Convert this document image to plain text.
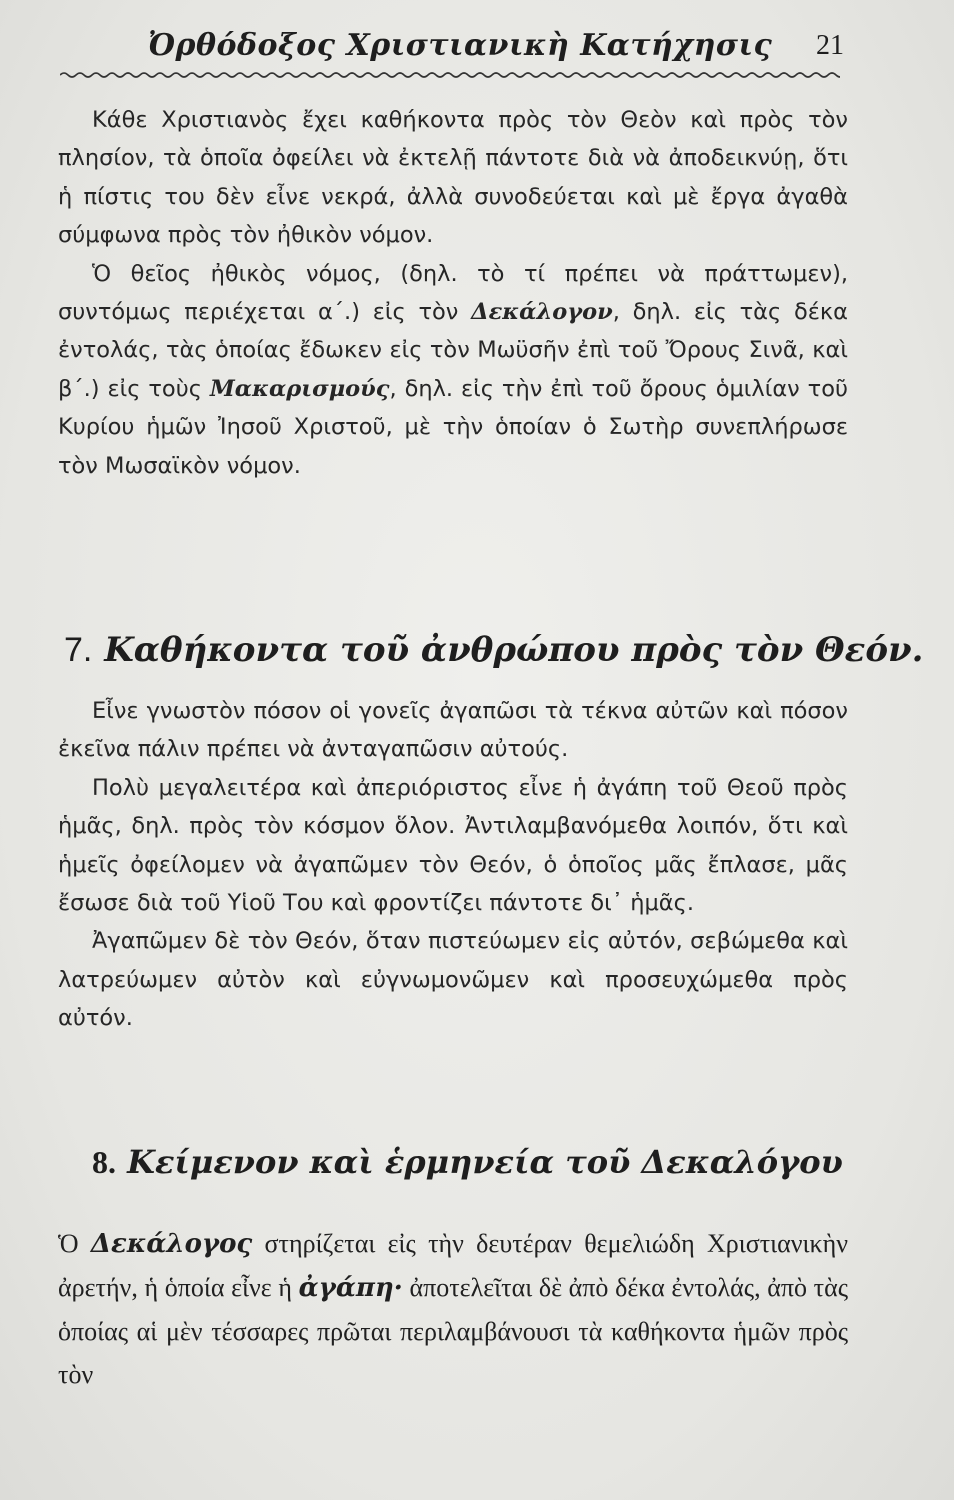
Ὀρθόδοξος Χριστιανικὴ Κατήχησις 21

Κάθε Χριστιανὸς ἔχει καθήκοντα πρὸς τὸν Θεὸν καὶ πρὸς τὸν πλησίον, τὰ ὁποῖα ὀφείλει νὰ ἐκτελῇ πάντοτε διὰ νὰ ἀποδεικνύῃ, ὅτι ἡ πίστις του δὲν εἶνε νεκρά, ἀλλὰ συνοδεύεται καὶ μὲ ἔργα ἀγαθὰ σύμφωνα πρὸς τὸν ἠθικὸν νόμον.

Ὁ θεῖος ἠθικὸς νόμος, (δηλ. τὸ τί πρέπει νὰ πράττωμεν), συντόμως περιέχεται α΄.) εἰς τὸν Δεκάλογον, δηλ. εἰς τὰς δέκα ἐντολάς, τὰς ὁποίας ἔδωκεν εἰς τὸν Μωϋσῆν ἐπὶ τοῦ Ὄρους Σινᾶ, καὶ β΄.) εἰς τοὺς Μακαρισμούς, δηλ. εἰς τὴν ἐπὶ τοῦ ὄρους ὁμιλίαν τοῦ Κυρίου ἡμῶν Ἰησοῦ Χριστοῦ, μὲ τὴν ὁποίαν ὁ Σωτὴρ συνεπλήρωσε τὸν Μωσαϊκὸν νόμον.

7. Καθήκοντα τοῦ ἀνθρώπου πρὸς τὸν Θεόν.

Εἶνε γνωστὸν πόσον οἱ γονεῖς ἀγαπῶσι τὰ τέκνα αὐτῶν καὶ πόσον ἐκεῖνα πάλιν πρέπει νὰ ἀνταγαπῶσιν αὐτούς.

Πολὺ μεγαλειτέρα καὶ ἀπεριόριστος εἶνε ἡ ἀγάπη τοῦ Θεοῦ πρὸς ἡμᾶς, δηλ. πρὸς τὸν κόσμον ὅλον. Ἀντιλαμβανόμεθα λοιπόν, ὅτι καὶ ἡμεῖς ὀφείλομεν νὰ ἀγαπῶμεν τὸν Θεόν, ὁ ὁποῖος μᾶς ἔπλασε, μᾶς ἔσωσε διὰ τοῦ Υἱοῦ Του καὶ φροντίζει πάντοτε δι᾿ ἡμᾶς.

Ἀγαπῶμεν δὲ τὸν Θεόν, ὅταν πιστεύωμεν εἰς αὐτόν, σεβώμεθα καὶ λατρεύωμεν αὐτὸν καὶ εὐγνωμονῶμεν καὶ προσευχώμεθα πρὸς αὐτόν.

8. Κείμενον καὶ ἑρμηνεία τοῦ Δεκαλόγου

Ὁ Δεκάλογος στηρίζεται εἰς τὴν δευτέραν θεμελιώδη Χριστιανικὴν ἀρετήν, ἡ ὁποία εἶνε ἡ ἀγάπη· ἀποτελεῖται δὲ ἀπὸ δέκα ἐντολάς, ἀπὸ τὰς ὁποίας αἱ μὲν τέσσαρες πρῶται περιλαμβάνουσι τὰ καθήκοντα ἡμῶν πρὸς τὸν
